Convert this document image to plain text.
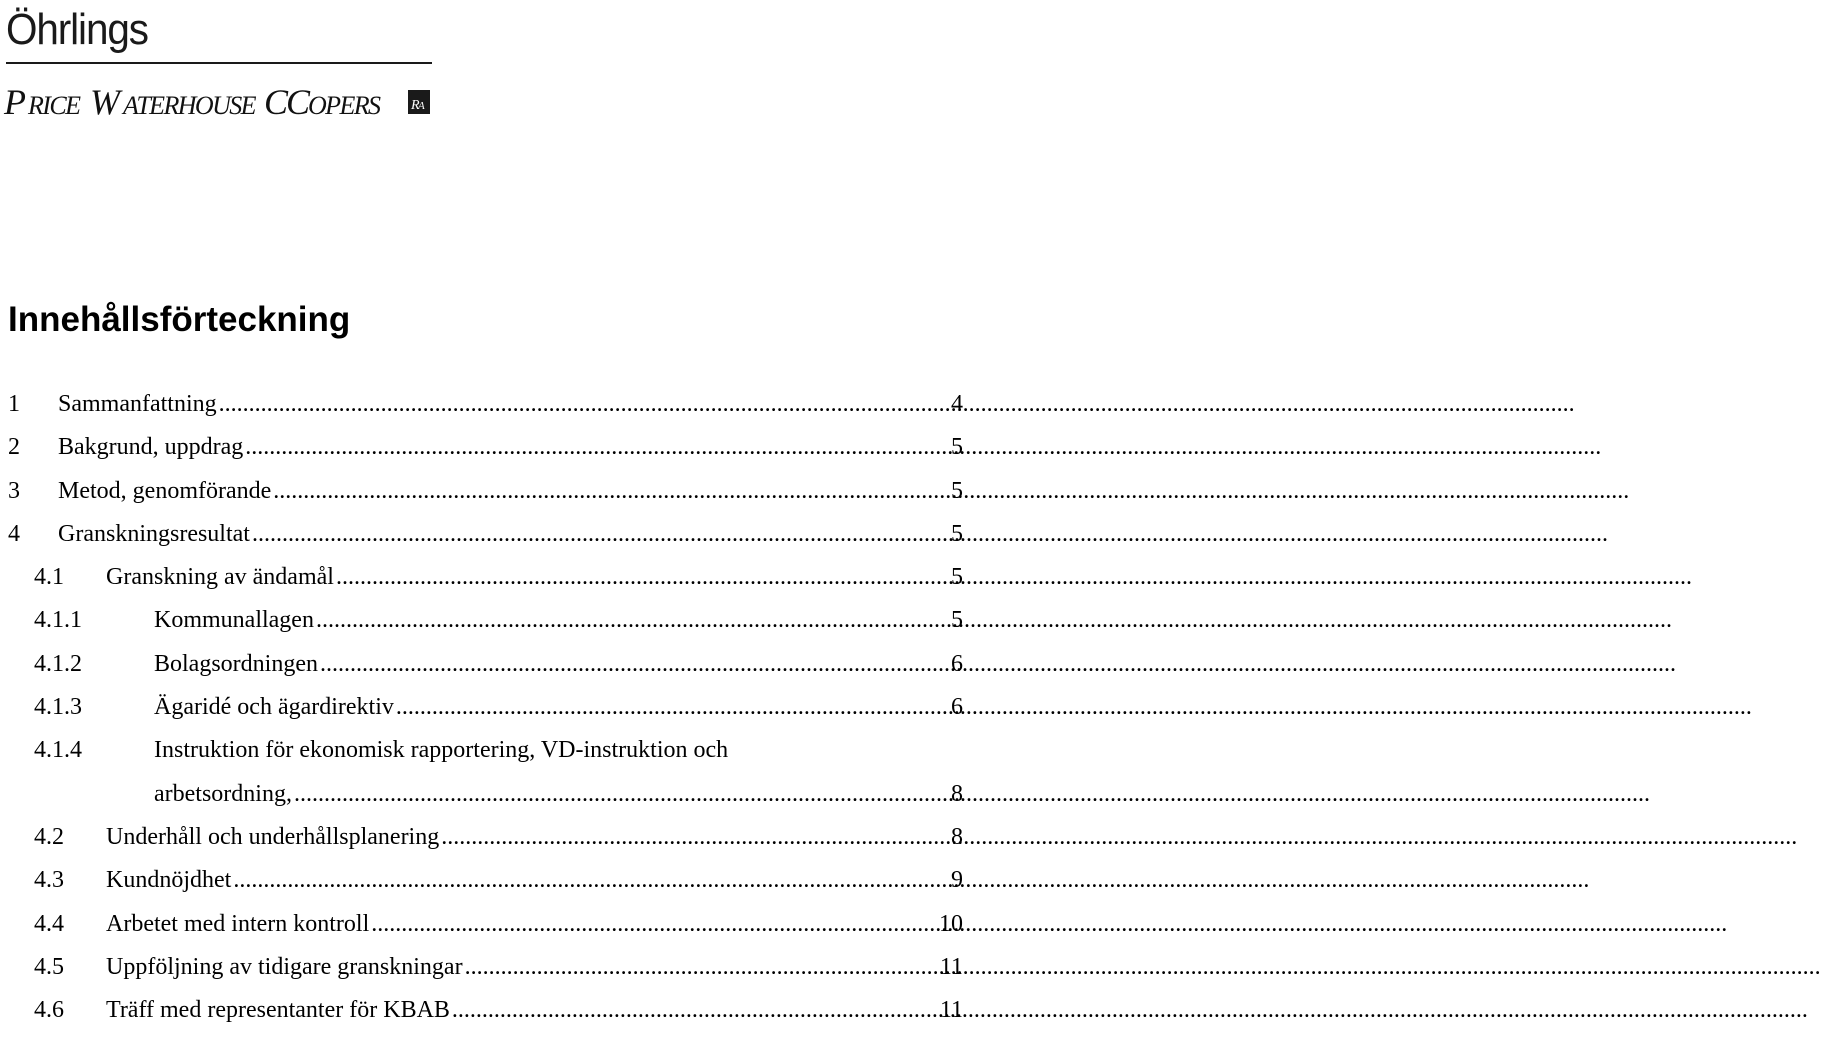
Öhrlings
P RICE W ATERHOUSE C C OPERS R
A
Innehållsförteckning
1	Sammanfattning .....	4
2	Bakgrund, uppdrag .....	5
3	Metod, genomförande .....	5
4	Granskningsresultat .....	5
4.1	Granskning av ändamål .....	5
4.1.1	Kommunallagen .....	5
4.1.2	Bolagsordningen .....	6
4.1.3	Ägaridé och ägardirektiv .....	6
4.1.4	Instruktion för ekonomisk rapportering, VD-instruktion och
arbetsordning, .....	8
4.2	Underhåll och underhållsplanering .....	8
4.3	Kundnöjdhet .....	9
4.4	Arbetet med intern kontroll .....	10
4.5	Uppföljning av tidigare granskningar .....	11
4.6	Träff med representanter för KBAB .....	11
